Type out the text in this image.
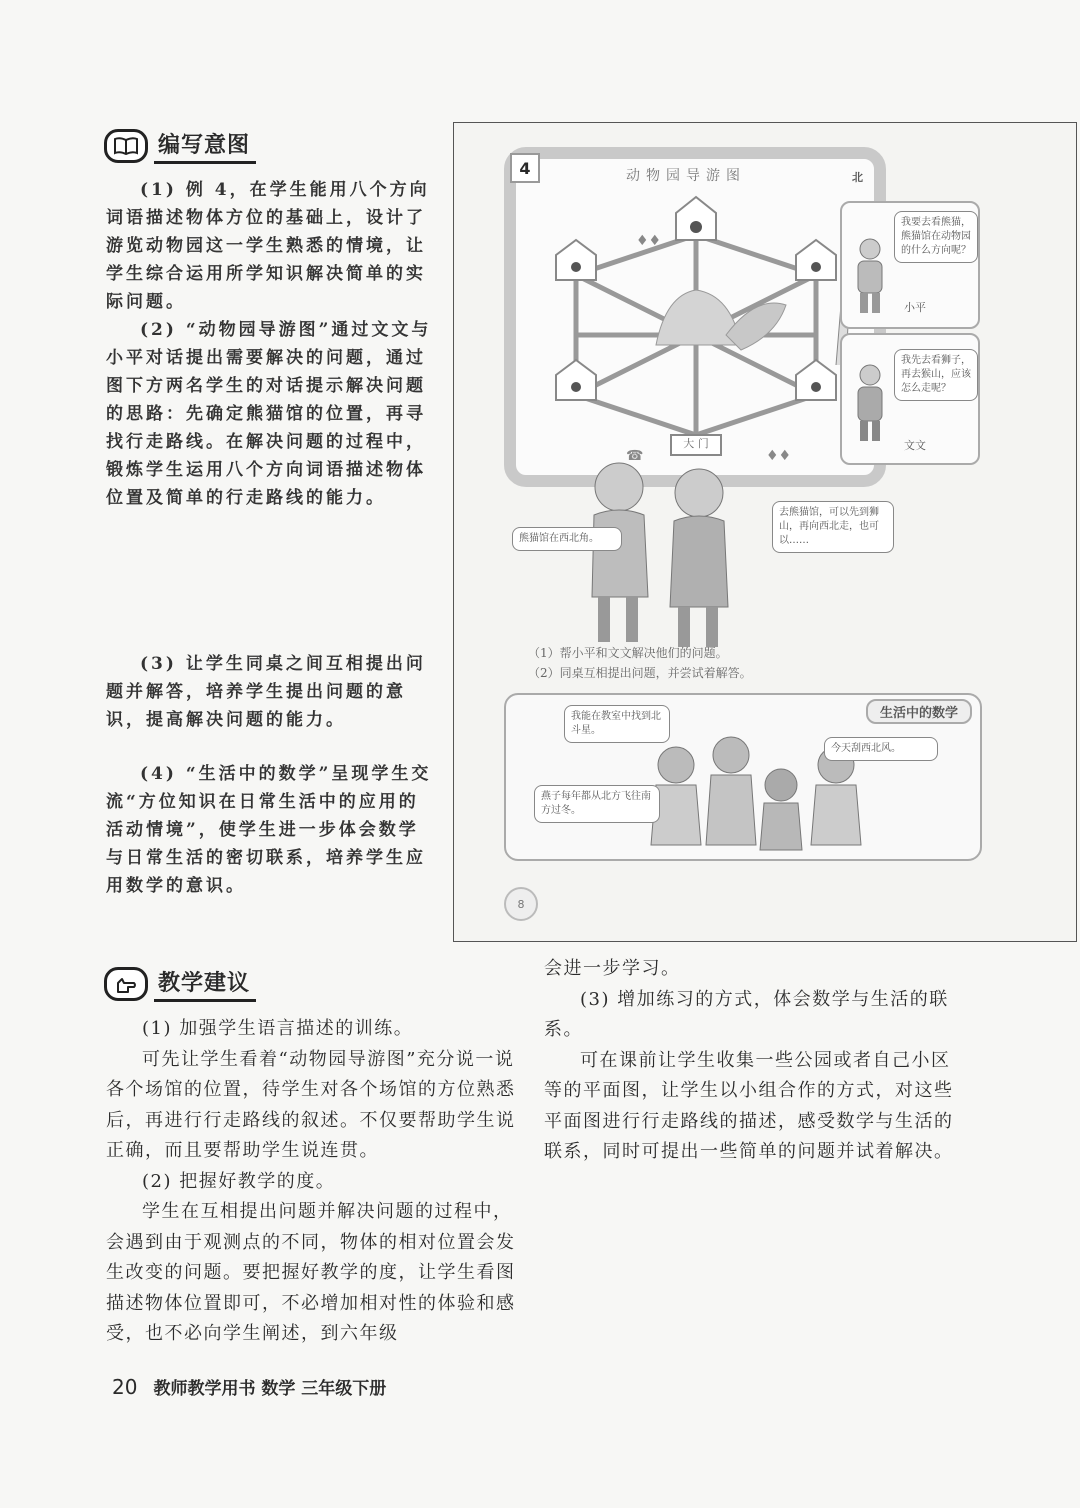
编写意图

(1) 例 4，在学生能用八个方向词语描述物体方位的基础上，设计了游览动物园这一学生熟悉的情境，让学生综合运用所学知识解决简单的实际问题。

(2) “动物园导游图”通过文文与小平对话提出需要解决的问题，通过图下方两名学生的对话提示解决问题的思路：先确定熊猫馆的位置，再寻找行走路线。在解决问题的过程中，锻炼学生运用八个方向词语描述物体位置及简单的行走路线的能力。

(3) 让学生同桌之间互相提出问题并解答，培养学生提出问题的意识，提高解决问题的能力。

(4) “生活中的数学”呈现学生交流“方位知识在日常生活中的应用的活动情境”，使学生进一步体会数学与日常生活的密切联系，培养学生应用数学的意识。

4	动物园导游图	北
♦♦
☎	♦♦
大 门
我要去看熊猫，熊猫馆在动物园的什么方向呢？
小平
我先去看狮子，再去猴山，应该怎么走呢？
文文
熊猫馆在西北角。
去熊猫馆，可以先到狮山，再向西北走，也可以……
（1）帮小平和文文解决他们的问题。
（2）同桌互相提出问题，并尝试着解答。
生活中的数学
我能在教室中找到北斗星。
今天刮西北风。
燕子每年都从北方飞往南方过冬。
8
教学建议

(1) 加强学生语言描述的训练。

可先让学生看着“动物园导游图”充分说一说各个场馆的位置，待学生对各个场馆的方位熟悉后，再进行行走路线的叙述。不仅要帮助学生说正确，而且要帮助学生说连贯。

(2) 把握好教学的度。

学生在互相提出问题并解决问题的过程中，会遇到由于观测点的不同，物体的相对位置会发生改变的问题。要把握好教学的度，让学生看图描述物体位置即可，不必增加相对性的体验和感受，也不必向学生阐述，到六年级

会进一步学习。

(3) 增加练习的方式，体会数学与生活的联系。

可在课前让学生收集一些公园或者自己小区等的平面图，让学生以小组合作的方式，对这些平面图进行行走路线的描述，感受数学与生活的联系，同时可提出一些简单的问题并试着解决。

20 教师教学用书 数学 三年级下册
